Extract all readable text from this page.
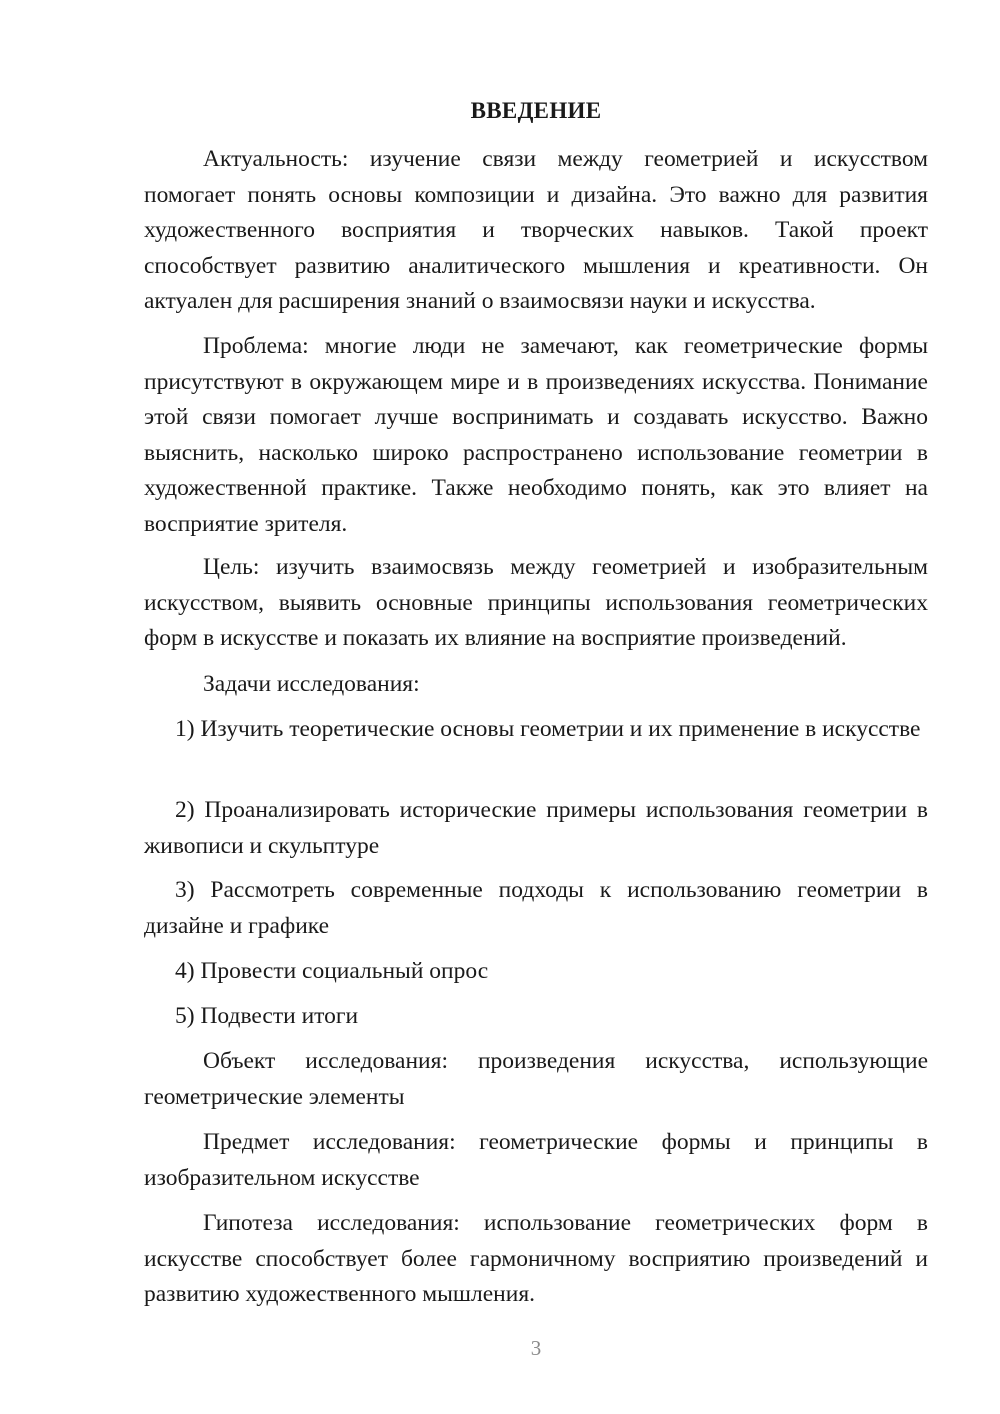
ВВЕДЕНИЕ

Актуальность: изучение связи между геометрией и искусством помогает понять основы композиции и дизайна. Это важно для развития художественного восприятия и творческих навыков. Такой проект способствует развитию аналитического мышления и креативности. Он актуален для расширения знаний о взаимосвязи науки и искусства.

Проблема: многие люди не замечают, как геометрические формы присутствуют в окружающем мире и в произведениях искусства. Понимание этой связи помогает лучше воспринимать и создавать искусство. Важно выяснить, насколько широко распространено использование геометрии в художественной практике. Также необходимо понять, как это влияет на восприятие зрителя.

Цель: изучить взаимосвязь между геометрией и изобразительным искусством, выявить основные принципы использования геометрических форм в искусстве и показать их влияние на восприятие произведений.

Задачи исследования:

1) Изучить теоретические основы геометрии и их применение в искусстве

2) Проанализировать исторические примеры использования геометрии в живописи и скульптуре

3) Рассмотреть современные подходы к использованию геометрии в дизайне и графике

4) Провести социальный опрос

5) Подвести итоги

Объект исследования: произведения искусства, использующие геометрические элементы

Предмет исследования: геометрические формы и принципы в изобразительном искусстве

Гипотеза исследования: использование геометрических форм в искусстве способствует более гармоничному восприятию произведений и развитию художественного мышления.

3
